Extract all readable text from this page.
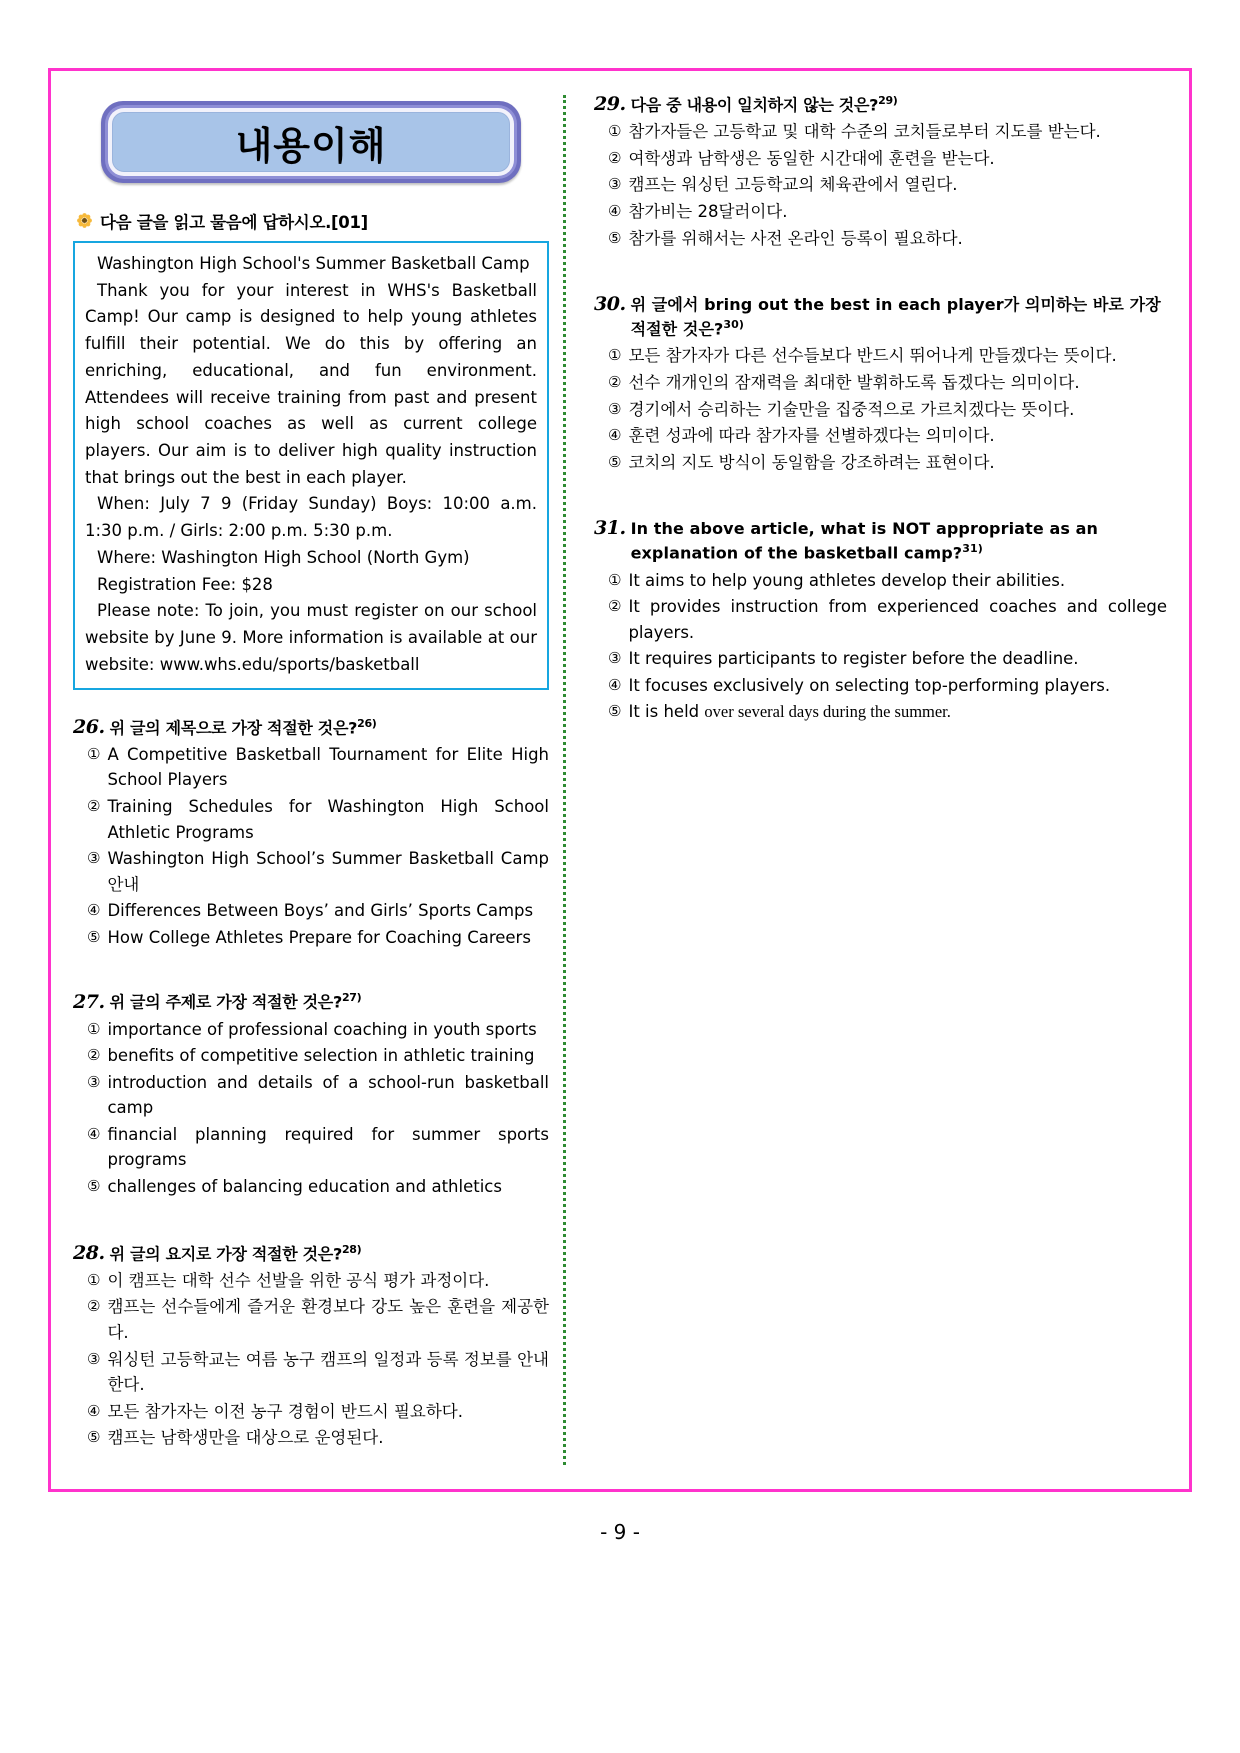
내용이해
다음 글을 읽고 물음에 답하시오.[01]

Washington High School's Summer Basketball Camp

Thank you for your interest in WHS's Basketball Camp! Our camp is designed to help young athletes fulfill their potential. We do this by offering an enriching, educational, and fun environment. Attendees will receive training from past and present high school coaches as well as current college players. Our aim is to deliver high quality instruction that brings out the best in each player.

When: July 7 9 (Friday Sunday) Boys: 10:00 a.m. 1:30 p.m. / Girls: 2:00 p.m. 5:30 p.m.

Where: Washington High School (North Gym)

Registration Fee: $28

Please note: To join, you must register on our school website by June 9. More information is available at our website: www.whs.edu/sports/basketball

26. 위 글의 제목으로 가장 적절한 것은?$^{26)}$
① A Competitive Basketball Tournament for Elite High School Players
② Training Schedules for Washington High School Athletic Programs
③ Washington High School’s Summer Basketball Camp 안내
④ Differences Between Boys’ and Girls’ Sports Camps
⑤ How College Athletes Prepare for Coaching Careers
27. 위 글의 주제로 가장 적절한 것은?$^{27)}$
① importance of professional coaching in youth sports
② benefits of competitive selection in athletic training
③ introduction and details of a school-run basketball camp
④ financial planning required for summer sports programs
⑤ challenges of balancing education and athletics
28. 위 글의 요지로 가장 적절한 것은?$^{28)}$
① 이 캠프는 대학 선수 선발을 위한 공식 평가 과정이다.
② 캠프는 선수들에게 즐거운 환경보다 강도 높은 훈련을 제공한다.
③ 워싱턴 고등학교는 여름 농구 캠프의 일정과 등록 정보를 안내한다.
④ 모든 참가자는 이전 농구 경험이 반드시 필요하다.
⑤ 캠프는 남학생만을 대상으로 운영된다.
29. 다음 중 내용이 일치하지 않는 것은?$^{29)}$
① 참가자들은 고등학교 및 대학 수준의 코치들로부터 지도를 받는다.
② 여학생과 남학생은 동일한 시간대에 훈련을 받는다.
③ 캠프는 워싱턴 고등학교의 체육관에서 열린다.
④ 참가비는 28달러이다.
⑤ 참가를 위해서는 사전 온라인 등록이 필요하다.
30. 위 글에서 bring out the best in each player가 의미하는 바로 가장 적절한 것은?$^{30)}$
① 모든 참가자가 다른 선수들보다 반드시 뛰어나게 만들겠다는 뜻이다.
② 선수 개개인의 잠재력을 최대한 발휘하도록 돕겠다는 의미이다.
③ 경기에서 승리하는 기술만을 집중적으로 가르치겠다는 뜻이다.
④ 훈련 성과에 따라 참가자를 선별하겠다는 의미이다.
⑤ 코치의 지도 방식이 동일함을 강조하려는 표현이다.
31. In the above article, what is NOT appropriate as an explanation of the basketball camp?$^{31)}$
① It aims to help young athletes develop their abilities.
② It provides instruction from experienced coaches and college players.
③ It requires participants to register before the deadline.
④ It focuses exclusively on selecting top-performing players.
⑤ It is held over several days during the summer.
- 9 -
